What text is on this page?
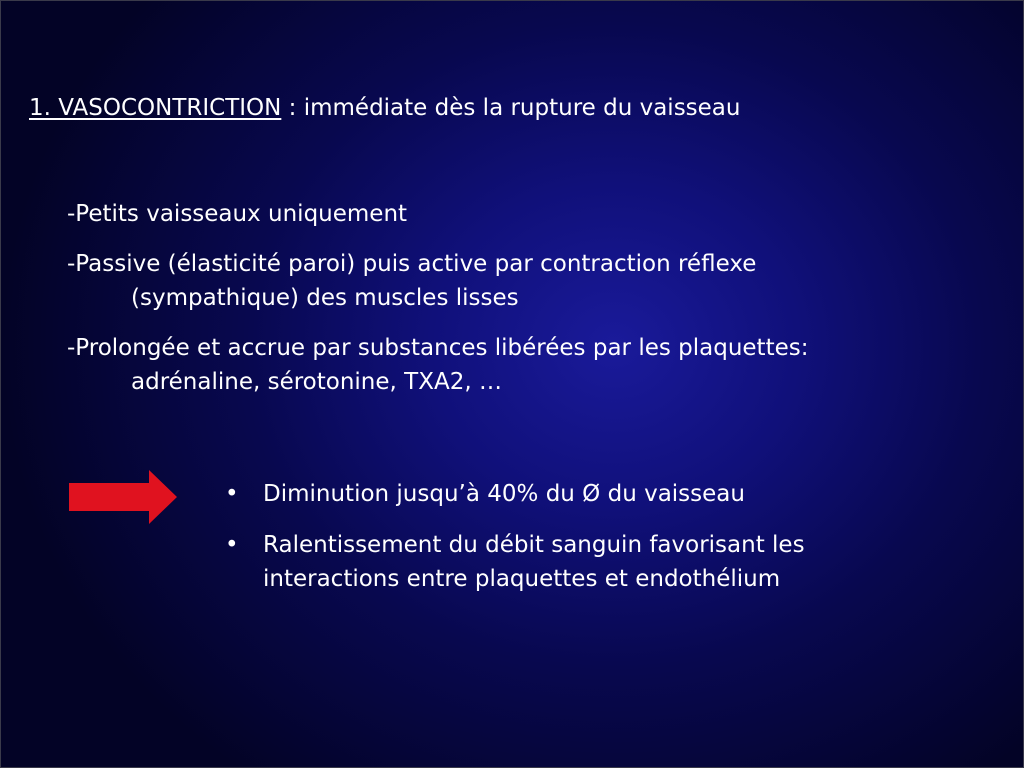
1. VASOCONTRICTION : immédiate dès la rupture du vaisseau
-Petits vaisseaux uniquement
-Passive (élasticité paroi) puis active par contraction réflexe (sympathique) des muscles lisses
-Prolongée et accrue par substances libérées par les plaquettes: adrénaline, sérotonine, TXA2, …
• Diminution jusqu’à 40% du Ø du vaisseau
• Ralentissement du débit sanguin favorisant les interactions entre plaquettes et endothélium
